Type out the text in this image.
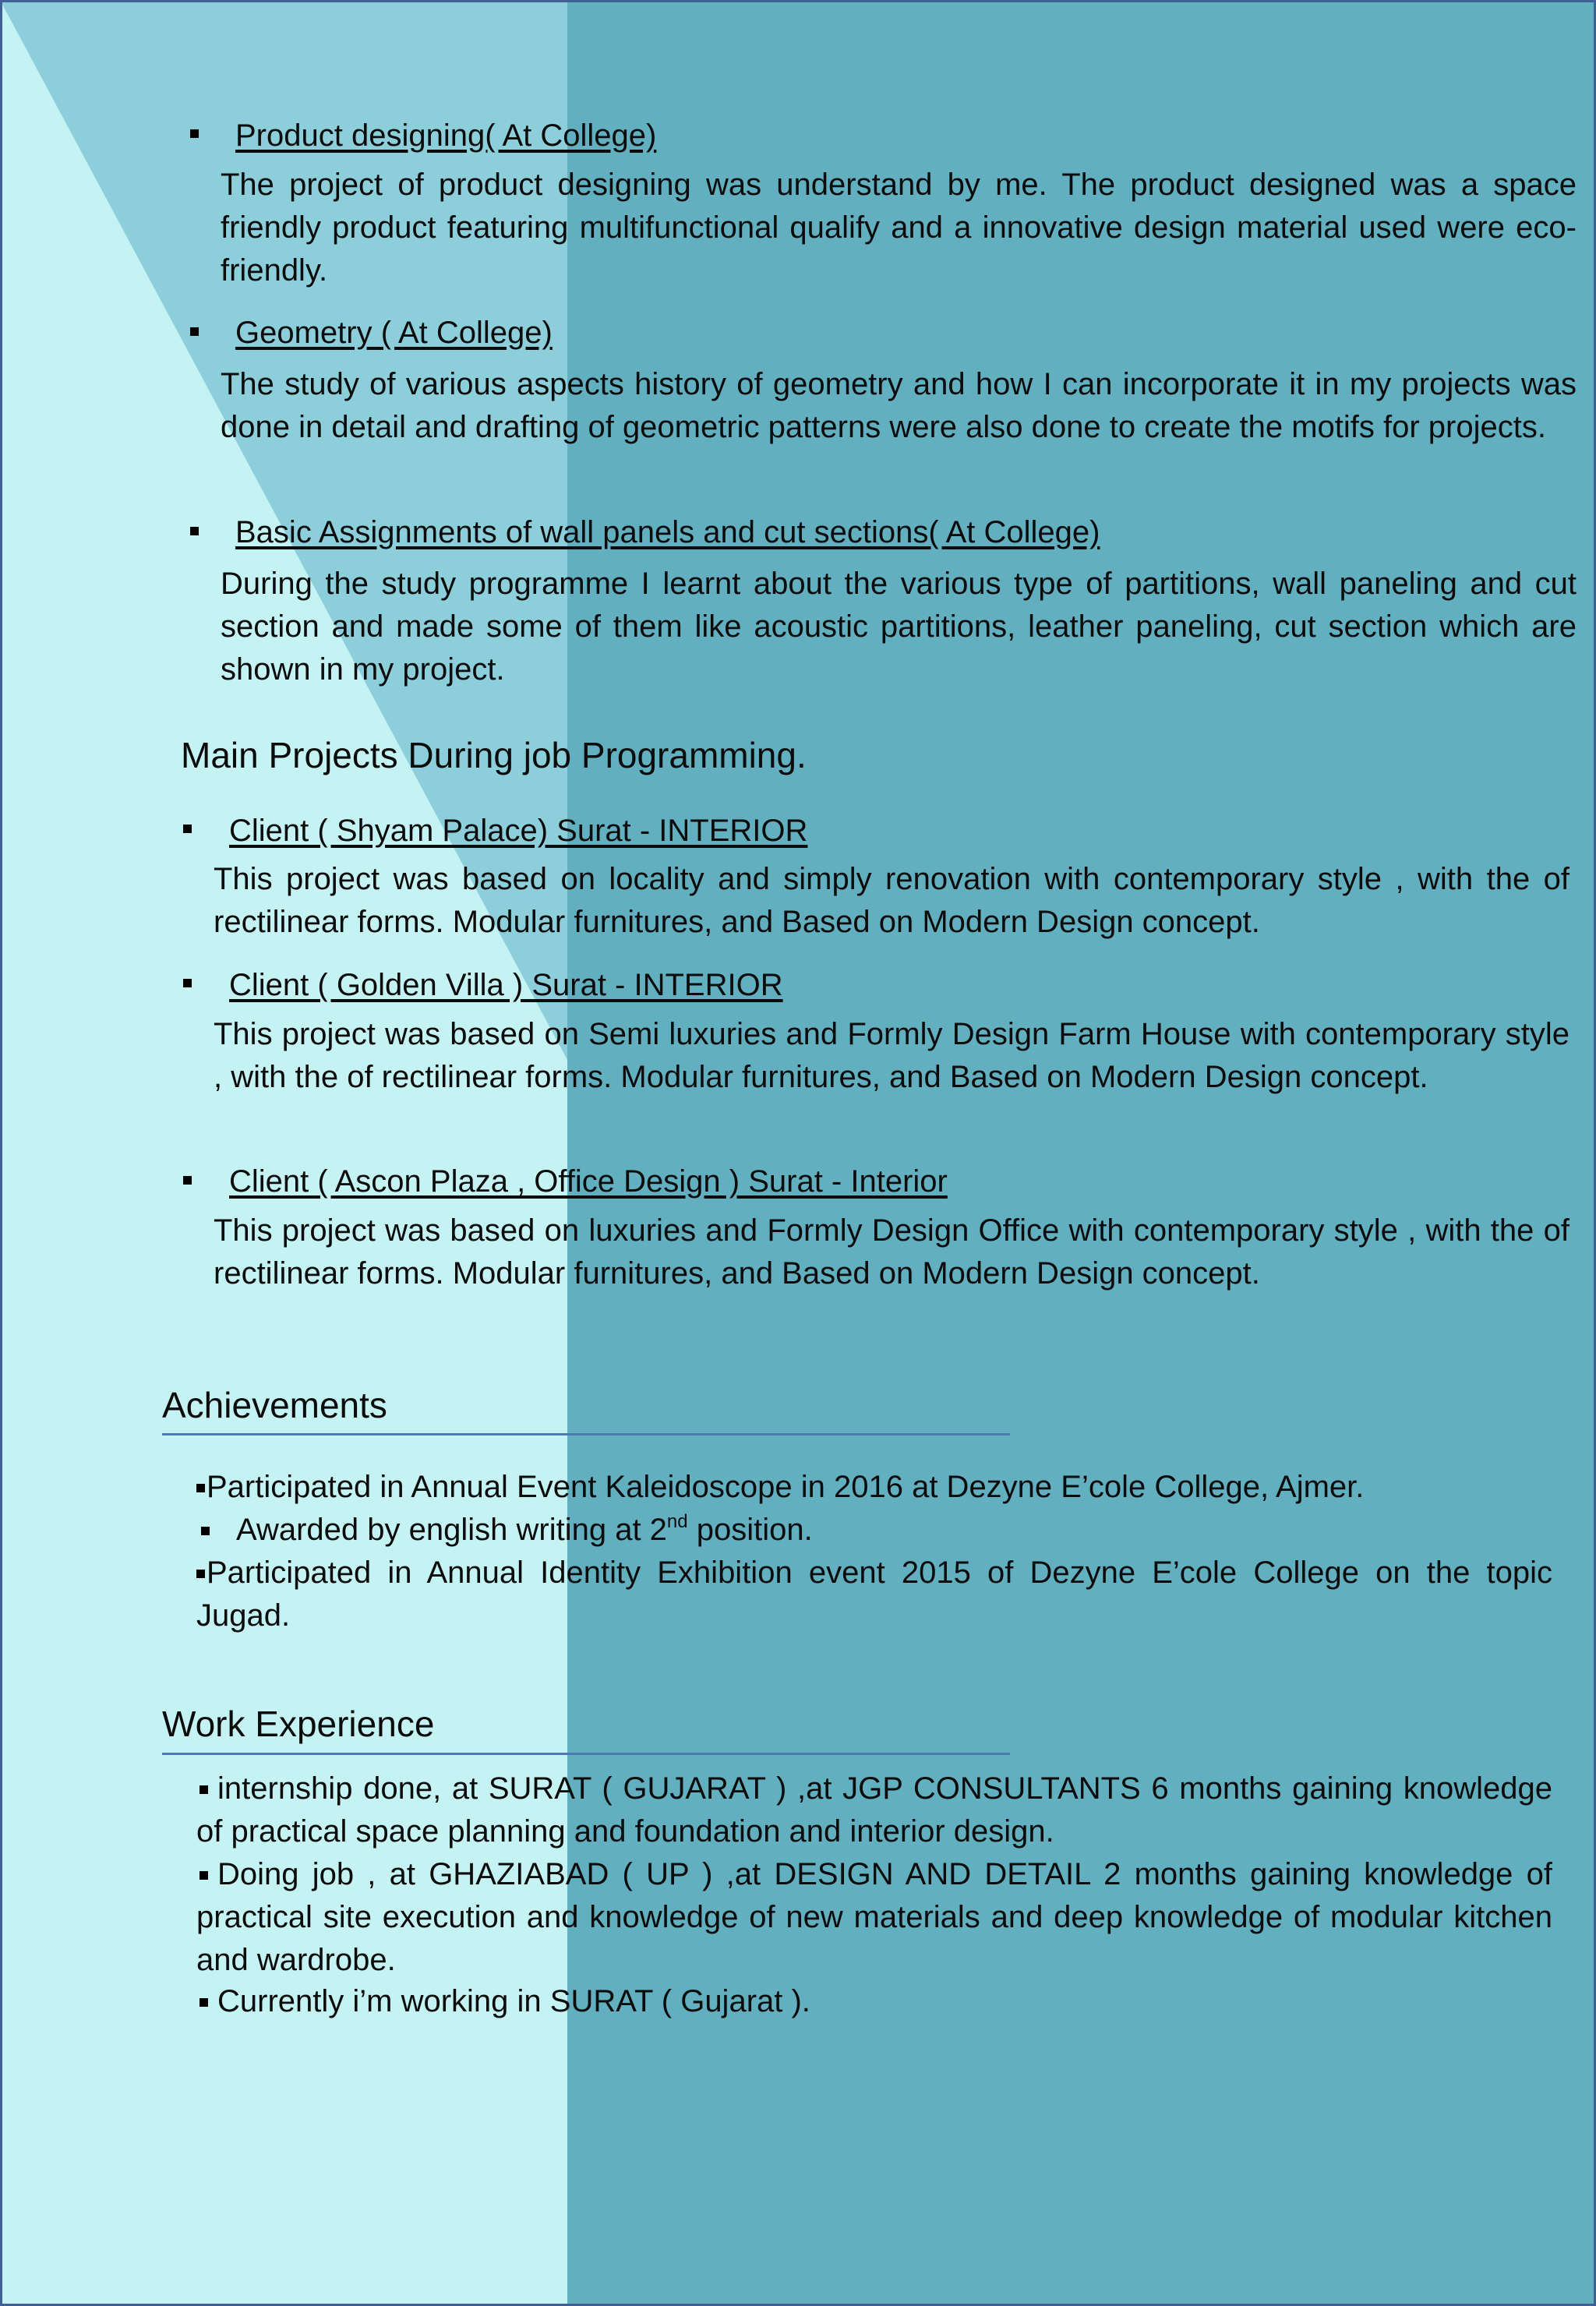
Product designing( At College)
The project of product designing was understand by me. The product designed was a space friendly product featuring multifunctional qualify and a innovative design material used were eco-friendly.
Geometry ( At College)
The study of various aspects history of geometry and how I can incorporate it in my projects was done in detail and drafting of geometric patterns were also done to create the motifs for projects.
Basic Assignments of wall panels and cut sections( At College)
During the study programme I learnt about the various type of partitions, wall paneling and cut section and made some of them like acoustic partitions, leather paneling, cut section which are shown in my project.
Main Projects During job Programming.
Client ( Shyam Palace) Surat - INTERIOR
This project was based on locality and simply renovation with contemporary style , with the of rectilinear forms. Modular furnitures, and Based on Modern Design concept.
Client ( Golden Villa ) Surat - INTERIOR
This project was based on Semi luxuries and Formly Design Farm House with contemporary style , with the of rectilinear forms. Modular furnitures, and Based on Modern Design concept.
Client ( Ascon Plaza , Office Design ) Surat - Interior
This project was based on luxuries and Formly Design Office with contemporary style , with the of rectilinear forms. Modular furnitures, and Based on Modern Design concept.
Achievements
Participated in Annual Event Kaleidoscope in 2016 at Dezyne E’cole College, Ajmer.
Awarded by english writing at 2nd position.
Participated in Annual Identity Exhibition event 2015 of Dezyne E’cole College on the topic Jugad.
Work Experience
internship done, at SURAT ( GUJARAT ) ,at JGP CONSULTANTS 6 months gaining knowledge of practical space planning and foundation and interior design.
Doing job , at GHAZIABAD ( UP ) ,at DESIGN AND DETAIL 2 months gaining knowledge of practical site execution and knowledge of new materials and deep knowledge of modular kitchen and wardrobe.
Currently i’m working in SURAT ( Gujarat ).
